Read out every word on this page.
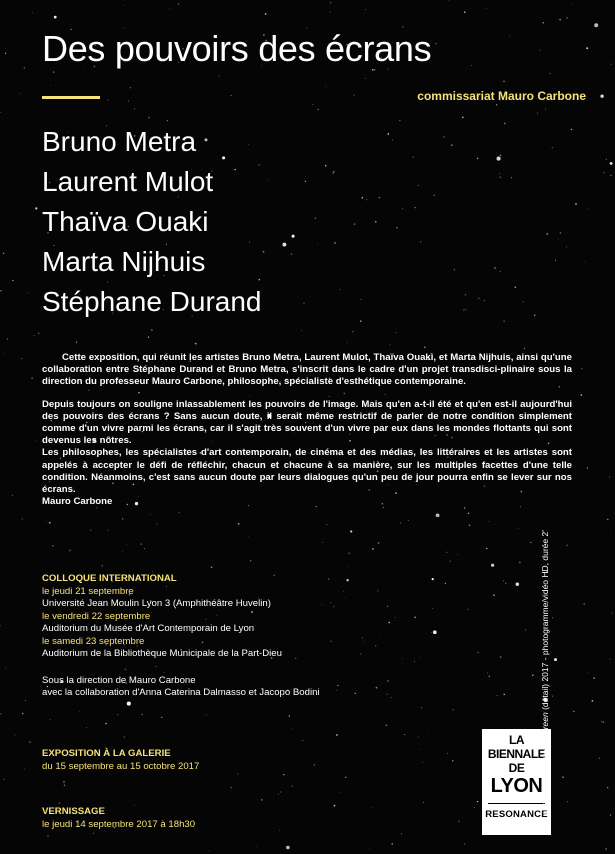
Des pouvoirs des écrans
commissariat Mauro Carbone
Bruno Metra
Laurent Mulot
Thaïva Ouaki
Marta Nijhuis
Stéphane Durand

Cette exposition, qui réunit les artistes Bruno Metra, Laurent Mulot, Thaïva Ouaki, et Marta Nijhuis, ainsi qu'une collaboration entre Stéphane Durand et Bruno Metra, s'inscrit dans le cadre d'un projet transdisci-plinaire sous la direction du professeur Mauro Carbone, philosophe, spécialiste d'esthétique contemporaine.

Depuis toujours on souligne inlassablement les pouvoirs de l'image. Mais qu'en a-t-il été et qu'en est-il aujourd'hui des pouvoirs des écrans ? Sans aucun doute, il serait même restrictif de parler de notre condition simplement comme d'un vivre parmi les écrans, car il s'agit très souvent d'un vivre par eux dans les mondes flottants qui sont devenus les nôtres.

Les philosophes, les spécialistes d'art contemporain, de cinéma et des médias, les littéraires et les artistes sont appelés à accepter le défi de réfléchir, chacun et chacune à sa manière, sur les multiples facettes d'une telle condition. Néanmoins, c'est sans aucun doute par leurs dialogues qu'un peu de jour pourra enfin se lever sur nos écrans.

Mauro Carbone

COLLOQUE INTERNATIONAL
le jeudi 21 septembre
Université Jean Moulin Lyon 3 (Amphithéâtre Huvelin)
le vendredi 22 septembre
Auditorium du Musée d'Art Contemporain de Lyon
le samedi 23 septembre
Auditorium de la Bibliothèque Municipale de la Part-Dieu
Sous la direction de Mauro Carbone
avec la collaboration d'Anna Caterina Dalmasso et Jacopo Bodini
EXPOSITION À LA GALERIE
du 15 septembre au 15 octobre 2017
VERNISSAGE
le jeudi 14 septembre 2017 à 18h30
LA BIENNALE
DE
LYON
RESONANCE
Laurent Mulot, Dreamscreen (détail) 2017 - photogramme/vidéo HD, durée 2'
